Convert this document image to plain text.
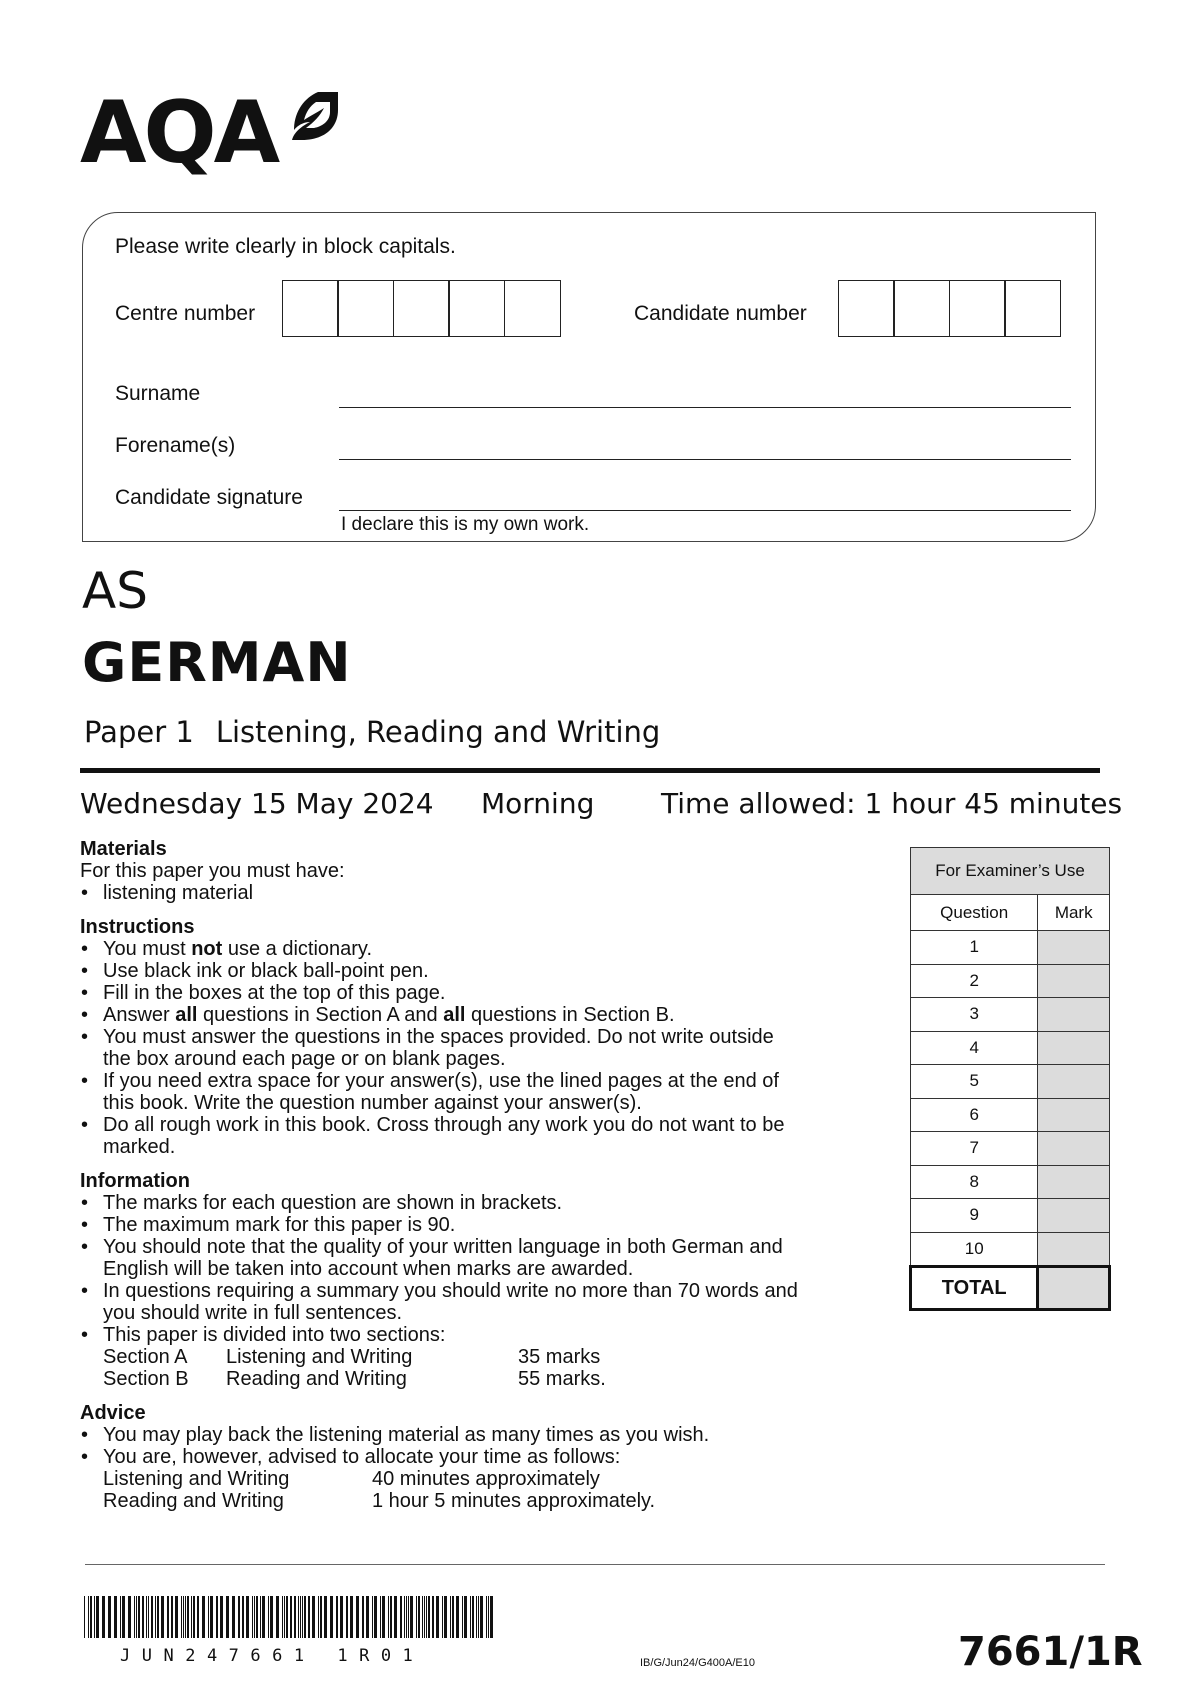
AQA
Please write clearly in block capitals.
Centre number	Candidate number
Surname
Forename(s)
Candidate signature
I declare this is my own work.
AS
GERMAN
Paper 1 Listening, Reading and Writing
Wednesday 15 May 2024 Morning Time allowed: 1 hour 45 minutes
Materials
For this paper you must have:
• listening material
Instructions
• You must not use a dictionary.
• Use black ink or black ball-point pen.
• Fill in the boxes at the top of this page.
• Answer all questions in Section A and all questions in Section B.
• You must answer the questions in the spaces provided. Do not write outside
the box around each page or on blank pages.
• If you need extra space for your answer(s), use the lined pages at the end of
this book. Write the question number against your answer(s).
• Do all rough work in this book. Cross through any work you do not want to be
marked.
Information
• The marks for each question are shown in brackets.
• The maximum mark for this paper is 90.
• You should note that the quality of your written language in both German and
English will be taken into account when marks are awarded.
• In questions requiring a summary you should write no more than 70 words and
you should write in full sentences.
• This paper is divided into two sections:
Section A	Listening and Writing	35 marks
Section B	Reading and Writing	55 marks.
Advice
• You may play back the listening material as many times as you wish.
• You are, however, advised to allocate your time as follows:
Listening and Writing	40 minutes approximately
Reading and Writing	1 hour 5 minutes approximately.
For Examiner’s Use	
Question	Mark
1	
2	
3	
4	
5	
6	
7	
8	
9	
10	
TOTAL	
JUN247661 1R01	IB/G/Jun24/G400A/E10	7661/1R
